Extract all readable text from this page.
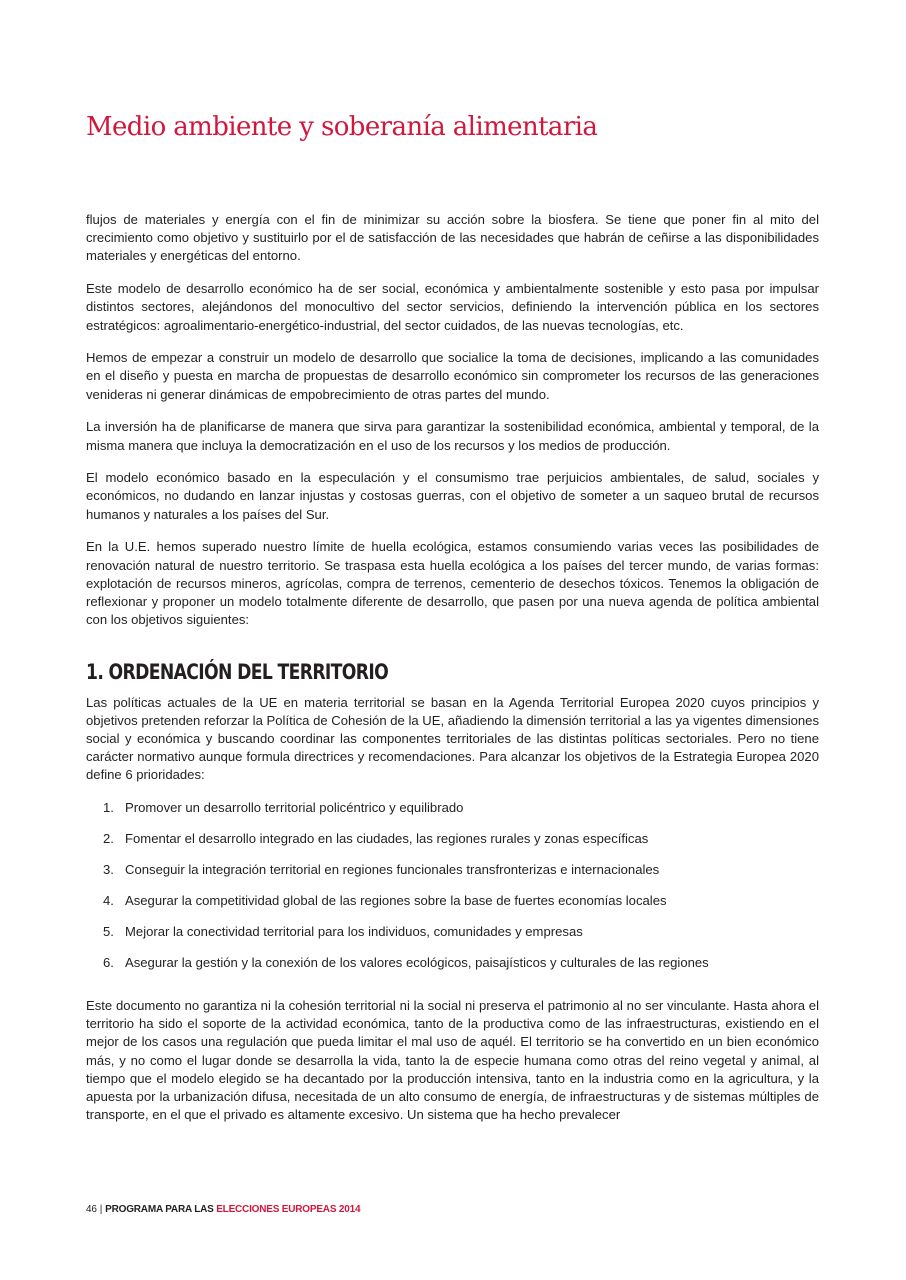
Medio ambiente y soberanía alimentaria

flujos de materiales y energía con el fin de minimizar su acción sobre la biosfera. Se tiene que poner fin al mito del crecimiento como objetivo y sustituirlo por el de satisfacción de las necesidades que habrán de ceñirse a las disponibilidades materiales y energéticas del entorno.

Este modelo de desarrollo económico ha de ser social, económica y ambientalmente sostenible y esto pasa por impulsar distintos sectores, alejándonos del monocultivo del sector servicios, definiendo la intervención pública en los sectores estratégicos: agroalimentario-energético-industrial, del sector cuidados, de las nuevas tecnologías, etc.

Hemos de empezar a construir un modelo de desarrollo que socialice la toma de decisiones, implicando a las comunidades en el diseño y puesta en marcha de propuestas de desarrollo económico sin comprometer los recursos de las generaciones venideras ni generar dinámicas de empobrecimiento de otras partes del mundo.

La inversión ha de planificarse de manera que sirva para garantizar la sostenibilidad económica, ambiental y temporal, de la misma manera que incluya la democratización en el uso de los recursos y los medios de producción.

El modelo económico basado en la especulación y el consumismo trae perjuicios ambientales, de salud, sociales y económicos, no dudando en lanzar injustas y costosas guerras, con el objetivo de someter a un saqueo brutal de recursos humanos y naturales a los países del Sur.

En la U.E. hemos superado nuestro límite de huella ecológica, estamos consumiendo varias veces las posibilidades de renovación natural de nuestro territorio. Se traspasa esta huella ecológica a los países del tercer mundo, de varias formas: explotación de recursos mineros, agrícolas, compra de terrenos, cementerio de desechos tóxicos. Tenemos la obligación de reflexionar y proponer un modelo totalmente diferente de desarrollo, que pasen por una nueva agenda de política ambiental con los objetivos siguientes:

1. ORDENACIÓN DEL TERRITORIO

Las políticas actuales de la UE en materia territorial se basan en la Agenda Territorial Europea 2020 cuyos principios y objetivos pretenden reforzar la Política de Cohesión de la UE, añadiendo la dimensión territorial a las ya vigentes dimensiones social y económica y buscando coordinar las componentes territoriales de las distintas políticas sectoriales. Pero no tiene carácter normativo aunque formula directrices y recomendaciones. Para alcanzar los objetivos de la Estrategia Europea 2020 define 6 prioridades:

1. Promover un desarrollo territorial policéntrico y equilibrado
2. Fomentar el desarrollo integrado en las ciudades, las regiones rurales y zonas específicas
3. Conseguir la integración territorial en regiones funcionales transfronterizas e internacionales
4. Asegurar la competitividad global de las regiones sobre la base de fuertes economías locales
5. Mejorar la conectividad territorial para los individuos, comunidades y empresas
6. Asegurar la gestión y la conexión de los valores ecológicos, paisajísticos y culturales de las regiones

Este documento no garantiza ni la cohesión territorial ni la social ni preserva el patrimonio al no ser vinculante. Hasta ahora el territorio ha sido el soporte de la actividad económica, tanto de la productiva como de las infraestructuras, existiendo en el mejor de los casos una regulación que pueda limitar el mal uso de aquél. El territorio se ha convertido en un bien económico más, y no como el lugar donde se desarrolla la vida, tanto la de especie humana como otras del reino vegetal y animal, al tiempo que el modelo elegido se ha decantado por la producción intensiva, tanto en la industria como en la agricultura, y la apuesta por la urbanización difusa, necesitada de un alto consumo de energía, de infraestructuras y de sistemas múltiples de transporte, en el que el privado es altamente excesivo. Un sistema que ha hecho prevalecer

46 | PROGRAMA PARA LAS ELECCIONES EUROPEAS 2014
